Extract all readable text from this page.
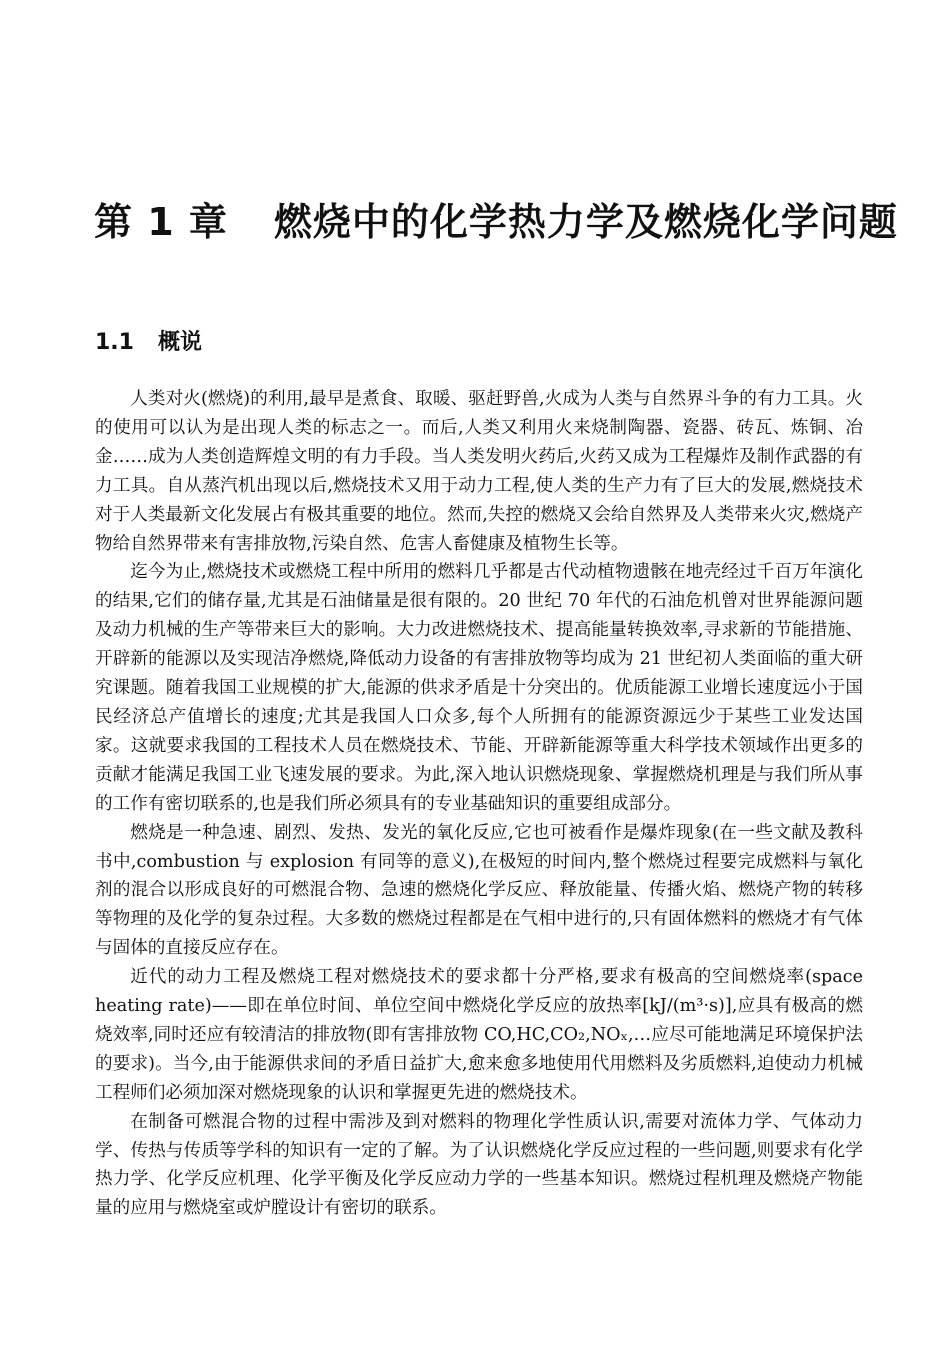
第 1 章 燃烧中的化学热力学及燃烧化学问题
1.1 概说

人类对火(燃烧)的利用,最早是煮食、取暖、驱赶野兽,火成为人类与自然界斗争的有力工具。火的使用可以认为是出现人类的标志之一。而后,人类又利用火来烧制陶器、瓷器、砖瓦、炼铜、冶金……成为人类创造辉煌文明的有力手段。当人类发明火药后,火药又成为工程爆炸及制作武器的有力工具。自从蒸汽机出现以后,燃烧技术又用于动力工程,使人类的生产力有了巨大的发展,燃烧技术对于人类最新文化发展占有极其重要的地位。然而,失控的燃烧又会给自然界及人类带来火灾,燃烧产物给自然界带来有害排放物,污染自然、危害人畜健康及植物生长等。

迄今为止,燃烧技术或燃烧工程中所用的燃料几乎都是古代动植物遗骸在地壳经过千百万年演化的结果,它们的储存量,尤其是石油储量是很有限的。20 世纪 70 年代的石油危机曾对世界能源问题及动力机械的生产等带来巨大的影响。大力改进燃烧技术、提高能量转换效率,寻求新的节能措施、开辟新的能源以及实现洁净燃烧,降低动力设备的有害排放物等均成为 21 世纪初人类面临的重大研究课题。随着我国工业规模的扩大,能源的供求矛盾是十分突出的。优质能源工业增长速度远小于国民经济总产值增长的速度;尤其是我国人口众多,每个人所拥有的能源资源远少于某些工业发达国家。这就要求我国的工程技术人员在燃烧技术、节能、开辟新能源等重大科学技术领域作出更多的贡献才能满足我国工业飞速发展的要求。为此,深入地认识燃烧现象、掌握燃烧机理是与我们所从事的工作有密切联系的,也是我们所必须具有的专业基础知识的重要组成部分。

燃烧是一种急速、剧烈、发热、发光的氧化反应,它也可被看作是爆炸现象(在一些文献及教科书中,combustion 与 explosion 有同等的意义),在极短的时间内,整个燃烧过程要完成燃料与氧化剂的混合以形成良好的可燃混合物、急速的燃烧化学反应、释放能量、传播火焰、燃烧产物的转移等物理的及化学的复杂过程。大多数的燃烧过程都是在气相中进行的,只有固体燃料的燃烧才有气体与固体的直接反应存在。

近代的动力工程及燃烧工程对燃烧技术的要求都十分严格,要求有极高的空间燃烧率(space heating rate)——即在单位时间、单位空间中燃烧化学反应的放热率[kJ/(m³·s)],应具有极高的燃烧效率,同时还应有较清洁的排放物(即有害排放物 CO,HC,CO₂,NOₓ,…应尽可能地满足环境保护法的要求)。当今,由于能源供求间的矛盾日益扩大,愈来愈多地使用代用燃料及劣质燃料,迫使动力机械工程师们必须加深对燃烧现象的认识和掌握更先进的燃烧技术。

在制备可燃混合物的过程中需涉及到对燃料的物理化学性质认识,需要对流体力学、气体动力学、传热与传质等学科的知识有一定的了解。为了认识燃烧化学反应过程的一些问题,则要求有化学热力学、化学反应机理、化学平衡及化学反应动力学的一些基本知识。燃烧过程机理及燃烧产物能量的应用与燃烧室或炉膛设计有密切的联系。
